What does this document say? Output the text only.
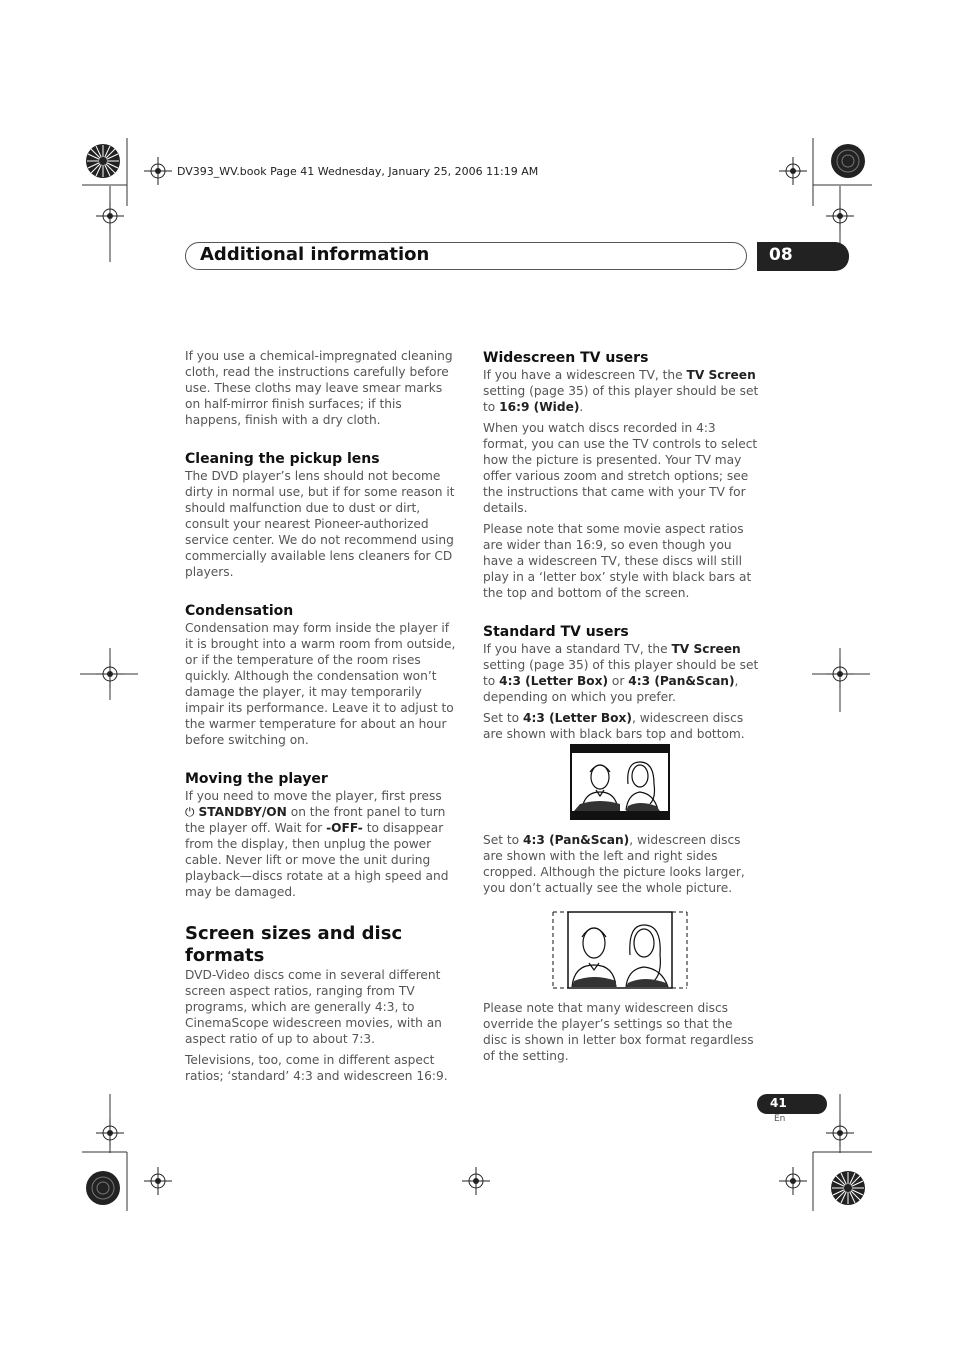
DV393_WV.book Page 41 Wednesday, January 25, 2006 11:19 AM
Additional information	08

If you use a chemical-impregnated cleaning cloth, read the instructions carefully before use. These cloths may leave smear marks on half-mirror finish surfaces; if this happens, finish with a dry cloth.

Cleaning the pickup lens

The DVD player’s lens should not become dirty in normal use, but if for some reason it should malfunction due to dust or dirt, consult your nearest Pioneer-authorized service center. We do not recommend using commercially available lens cleaners for CD players.

Condensation

Condensation may form inside the player if it is brought into a warm room from outside, or if the temperature of the room rises quickly. Although the condensation won’t damage the player, it may temporarily impair its performance. Leave it to adjust to the warmer temperature for about an hour before switching on.

Moving the player

If you need to move the player, first press
⏻ STANDBY/ON on the front panel to turn the player off. Wait for -OFF- to disappear from the display, then unplug the power cable. Never lift or move the unit during playback—discs rotate at a high speed and may be damaged.

Screen sizes and disc formats

DVD-Video discs come in several different screen aspect ratios, ranging from TV programs, which are generally 4:3, to CinemaScope widescreen movies, with an aspect ratio of up to about 7:3.

Televisions, too, come in different aspect ratios; ‘standard’ 4:3 and widescreen 16:9.

Widescreen TV users

If you have a widescreen TV, the TV Screen setting (page 35) of this player should be set to 16:9 (Wide).

When you watch discs recorded in 4:3 format, you can use the TV controls to select how the picture is presented. Your TV may offer various zoom and stretch options; see the instructions that came with your TV for details.

Please note that some movie aspect ratios are wider than 16:9, so even though you have a widescreen TV, these discs will still play in a ‘letter box’ style with black bars at the top and bottom of the screen.

Standard TV users

If you have a standard TV, the TV Screen setting (page 35) of this player should be set to 4:3 (Letter Box) or 4:3 (Pan&Scan), depending on which you prefer.

Set to 4:3 (Letter Box), widescreen discs are shown with black bars top and bottom.

Set to 4:3 (Pan&Scan), widescreen discs are shown with the left and right sides cropped. Although the picture looks larger, you don’t actually see the whole picture.

Please note that many widescreen discs override the player’s settings so that the disc is shown in letter box format regardless of the setting.

41
En
